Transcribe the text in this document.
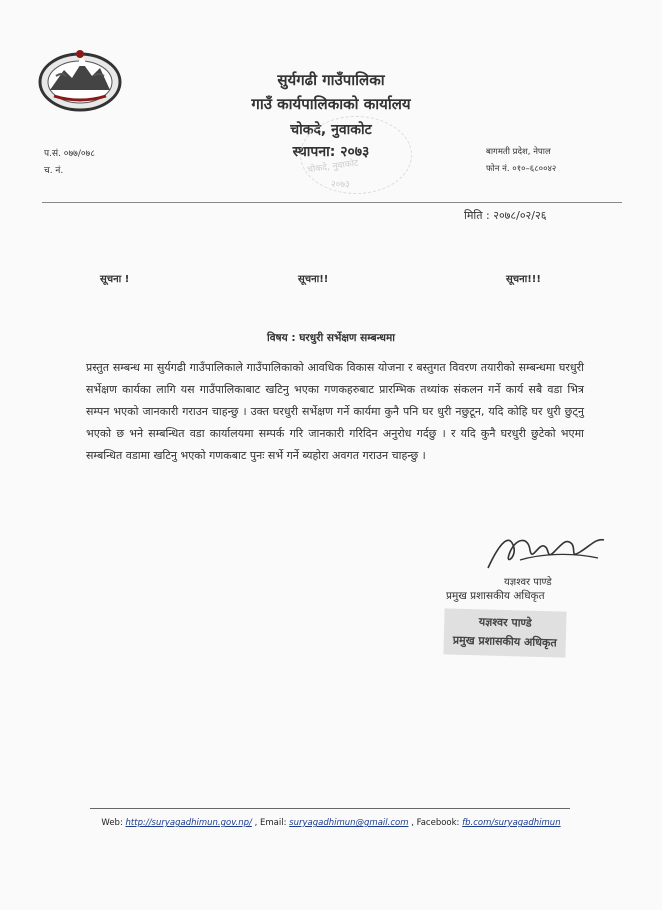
सुर्यगढी गाउँपालिका
गाउँ कार्यपालिकाको कार्यालय
चोकदे, नुवाकोट
स्थापना: २०७३
चोकदे, नुवाकोट
२०७३
प.सं. ०७७/०७८
च. नं.
बागमती प्रदेश, नेपाल
फोन नं. ०१०–६८००४२
मिति : २०७८/०२/२६
सूचना !	सूचना!!	सूचना!!!
विषय : घरधुरी सर्भेक्षण सम्बन्धमा
प्रस्तुत सम्बन्ध मा सुर्यगढी गाउँपालिकाले गाउँपालिकाको आवधिक विकास योजना र बस्तुगत विवरण तयारीको सम्बन्धमा घरधुरी सर्भेक्षण कार्यका लागि यस गाउँपालिकाबाट खटिनु भएका गणकहरुबाट प्रारम्भिक तथ्यांक संकलन गर्ने कार्य सबै वडा भित्र सम्पन भएको जानकारी गराउन चाहन्छु । उक्त घरधुरी सर्भेक्षण गर्ने कार्यमा कुनै पनि घर धुरी नछुटून, यदि कोहि घर धुरी छुट्नु भएको छ भने सम्बन्धित वडा कार्यालयमा सम्पर्क गरि जानकारी गरिदिन अनुरोध गर्दछु । र यदि कुनै घरधुरी छुटेको भएमा सम्बन्धित वडामा खटिनु भएको गणकबाट पुनः सर्भे गर्ने ब्यहोरा अवगत गराउन चाहन्छु ।
यज्ञश्वर पाण्डे
प्रमुख प्रशासकीय अधिकृत
यज्ञश्वर पाण्डे
प्रमुख प्रशासकीय अधिकृत
Web: http://suryagadhimun.gov.np/ , Email: suryagadhimun@gmail.com , Facebook: fb.com/suryagadhimun
